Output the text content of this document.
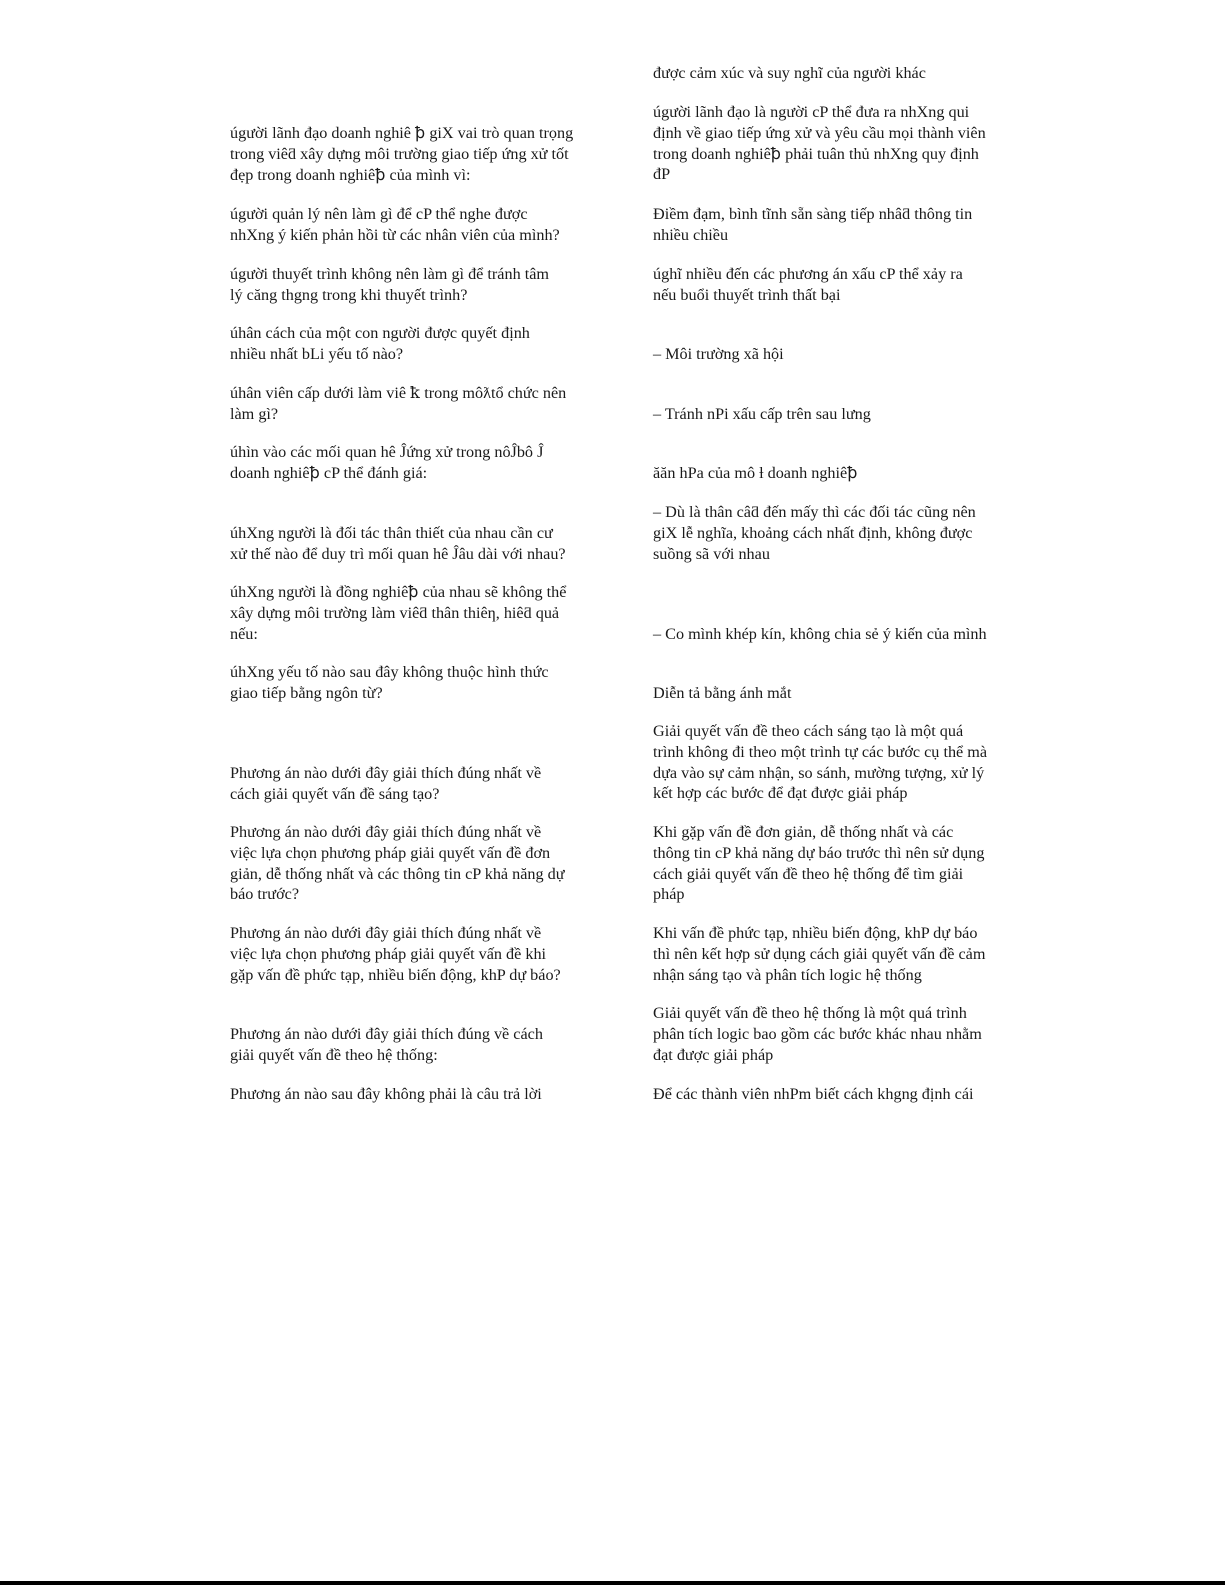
được cảm xúc và suy nghĩ của người khác

úgười lãnh đạo doanh nghiê ꝥ giX vai trò quan trọng
trong viêƌ xây dựng môi trường giao tiếp ứng xử tốt
đẹp trong doanh nghiêꝥ của mình vì:

úgười lãnh đạo là người cP thể đưa ra nhXng qui
định về giao tiếp ứng xử và yêu cầu mọi thành viên
trong doanh nghiêꝥ phải tuân thủ nhXng quy định
đP

úgười quản lý nên làm gì để cP thể nghe được
nhXng ý kiến phản hồi từ các nhân viên của mình?

Điềm đạm, bình tĩnh sẵn sàng tiếp nhâƌ thông tin
nhiều chiều

úgười thuyết trình không nên làm gì để tránh tâm
lý căng thgng trong khi thuyết trình?

úghĩ nhiều đến các phương án xấu cP thể xảy ra
nếu buổi thuyết trình thất bại

úhân cách của một con người được quyết định
nhiều nhất bLi yếu tố nào?	– Môi trường xã hội

úhân viên cấp dưới làm viê ꝁ trong môƛtổ chức nên
làm gì?	– Tránh nPi xấu cấp trên sau lưng

úhìn vào các mối quan hê Ĵứng xử trong nôĴbô Ĵ
doanh nghiêꝥ cP thể đánh giá:	ăăn hPa của mô ƚ doanh nghiêꝥ

úhXng người là đối tác thân thiết của nhau cần cư
xử thế nào để duy trì mối quan hê Ĵâu dài với nhau?

– Dù là thân câƌ đến mấy thì các đối tác cũng nên
giX lễ nghĩa, khoảng cách nhất định, không được
suồng sã với nhau

úhXng người là đồng nghiêꝥ của nhau sẽ không thể
xây dựng môi trường làm viêƌ thân thiêƞ, hiêƌ quả
nếu:	– Co mình khép kín, không chia sẻ ý kiến của mình

úhXng yếu tố nào sau đây không thuộc hình thức
giao tiếp bằng ngôn từ?	Diễn tả bằng ánh mắt

Phương án nào dưới đây giải thích đúng nhất về
cách giải quyết vấn đề sáng tạo?

Giải quyết vấn đề theo cách sáng tạo là một quá
trình không đi theo một trình tự các bước cụ thể mà
dựa vào sự cảm nhận, so sánh, mường tượng, xử lý
kết hợp các bước để đạt được giải pháp

Phương án nào dưới đây giải thích đúng nhất về
việc lựa chọn phương pháp giải quyết vấn đề đơn
giản, dễ thống nhất và các thông tin cP khả năng dự
báo trước?

Khi gặp vấn đề đơn giản, dễ thống nhất và các
thông tin cP khả năng dự báo trước thì nên sử dụng
cách giải quyết vấn đề theo hệ thống để tìm giải
pháp

Phương án nào dưới đây giải thích đúng nhất về
việc lựa chọn phương pháp giải quyết vấn đề khi
gặp vấn đề phức tạp, nhiều biến động, khP dự báo?

Khi vấn đề phức tạp, nhiều biến động, khP dự báo
thì nên kết hợp sử dụng cách giải quyết vấn đề cảm
nhận sáng tạo và phân tích logic hệ thống

Phương án nào dưới đây giải thích đúng về cách
giải quyết vấn đề theo hệ thống:

Giải quyết vấn đề theo hệ thống là một quá trình
phân tích logic bao gồm các bước khác nhau nhằm
đạt được giải pháp

Phương án nào sau đây không phải là câu trả lời	Để các thành viên nhPm biết cách khgng định cái
